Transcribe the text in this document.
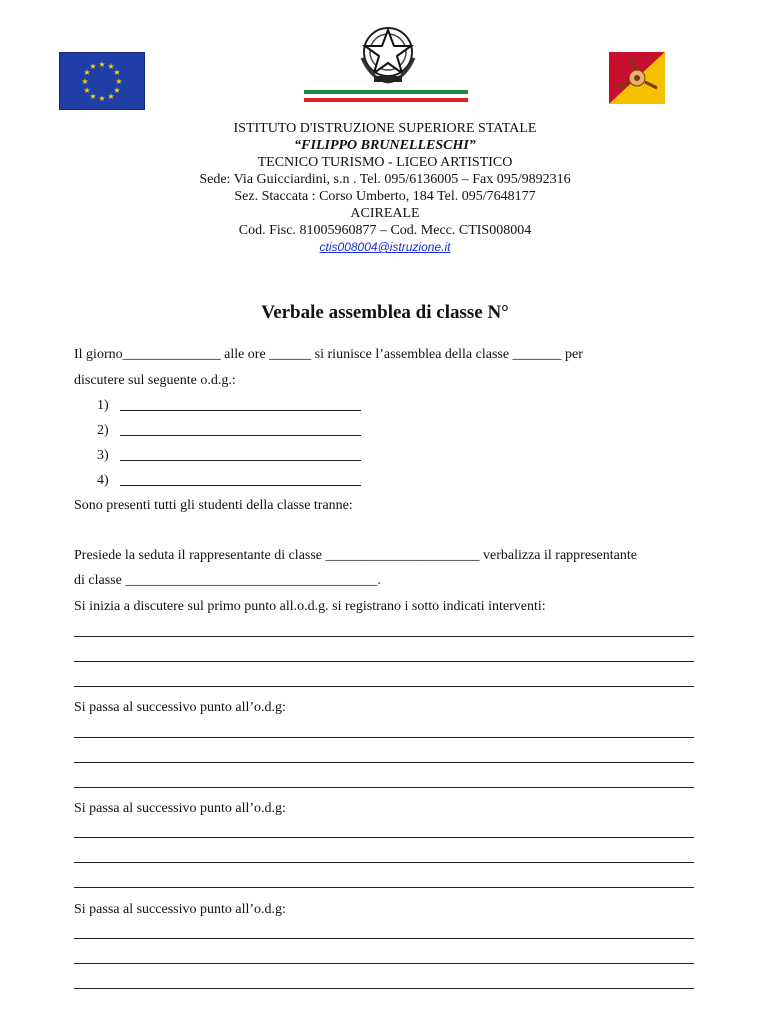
★ ★
★
★
★
★
★
★
★
★
★
★
ISTITUTO D'ISTRUZIONE SUPERIORE STATALE
“FILIPPO BRUNELLESCHI”
TECNICO TURISMO - LICEO ARTISTICO
Sede: Via Guicciardini, s.n . Tel. 095/6136005 – Fax 095/9892316
Sez. Staccata : Corso Umberto, 184 Tel. 095/7648177
ACIREALE
Cod. Fisc. 81005960877 – Cod. Mecc. CTIS008004
ctis008004@istruzione.it
Verbale assemblea di classe N°
Il giorno______________ alle ore ______ si riunisce l’assemblea della classe _______ per
discutere sul seguente o.d.g.:
1)
2)
3)
4)
Sono presenti tutti gli studenti della classe tranne:
Presiede la seduta il rappresentante di classe ______________________ verbalizza il rappresentante
di classe ____________________________________.
Si inizia a discutere sul primo punto all.o.d.g. si registrano i sotto indicati interventi:
Si passa al successivo punto all’o.d.g:
Si passa al successivo punto all’o.d.g:
Si passa al successivo punto all’o.d.g:
